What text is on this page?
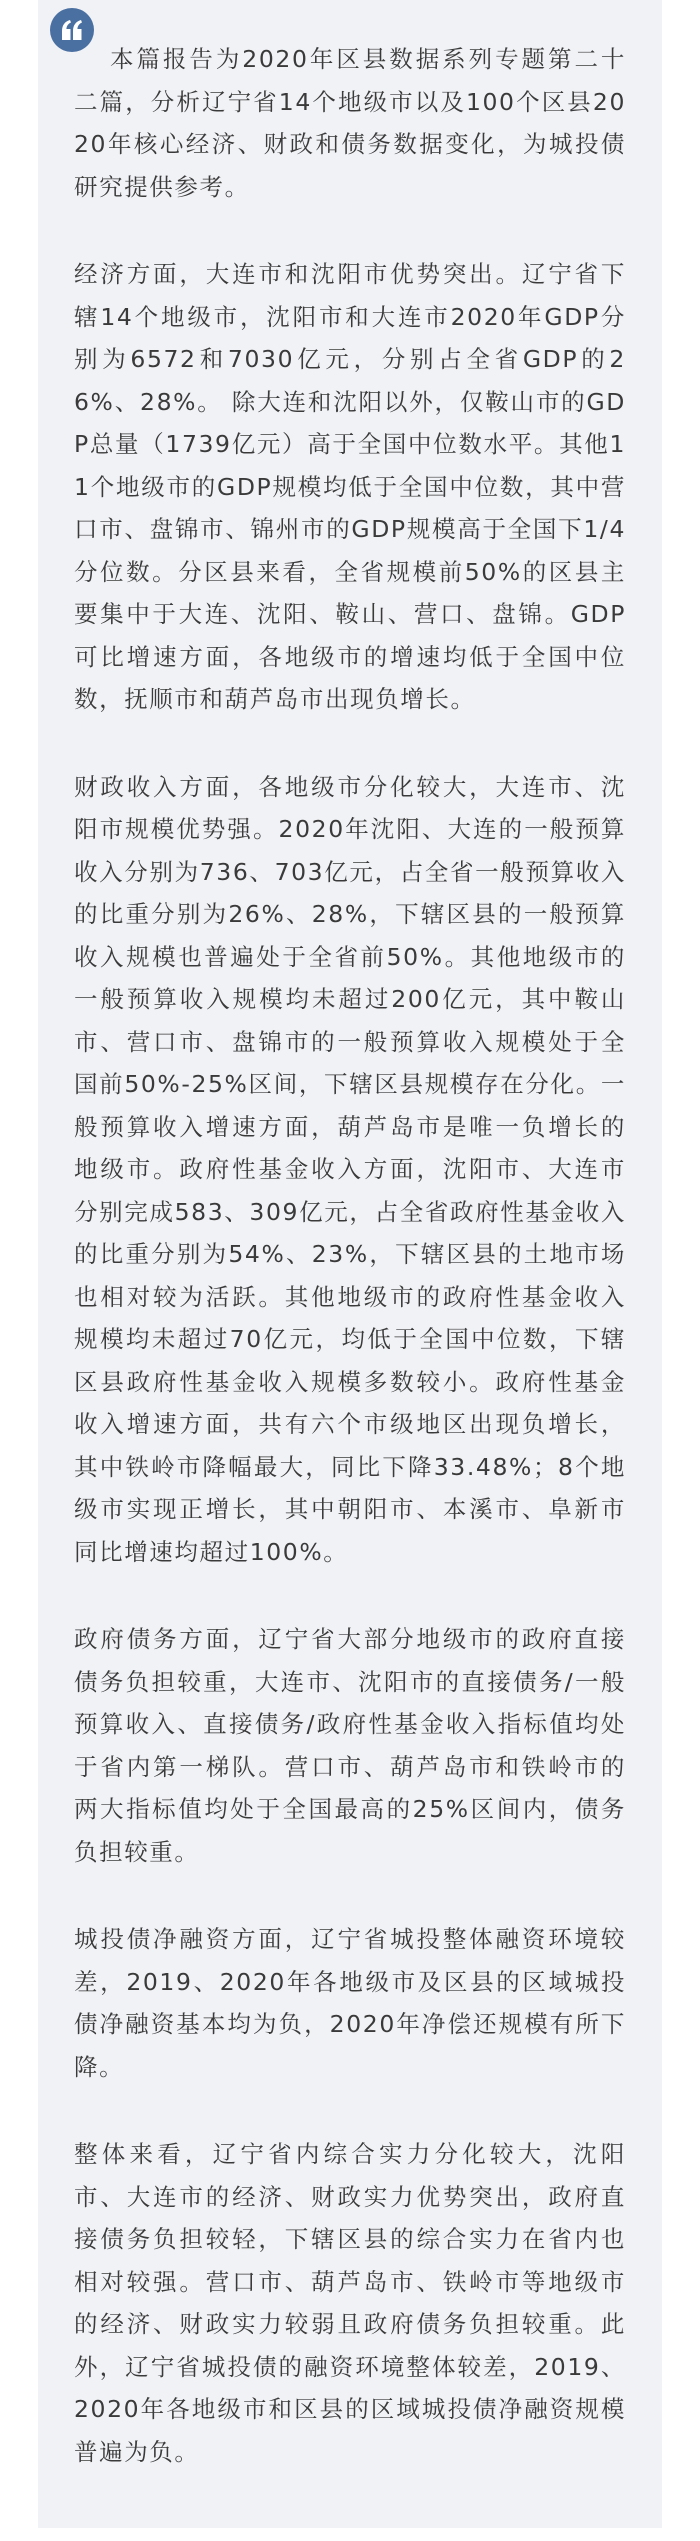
本篇报告为2020年区县数据系列专题第二十二篇，分析辽宁省14个地级市以及100个区县2020年核心经济、财政和债务数据变化，为城投债研究提供参考。

经济方面，大连市和沈阳市优势突出。辽宁省下辖14个地级市，沈阳市和大连市2020年GDP分别为6572和7030亿元，分别占全省GDP的26%、28%。 除大连和沈阳以外，仅鞍山市的GDP总量（1739亿元）高于全国中位数水平。其他11个地级市的GDP规模均低于全国中位数，其中营口市、盘锦市、锦州市的GDP规模高于全国下1/4分位数。分区县来看，全省规模前50%的区县主要集中于大连、沈阳、鞍山、营口、盘锦。GDP可比增速方面，各地级市的增速均低于全国中位数，抚顺市和葫芦岛市出现负增长。

财政收入方面，各地级市分化较大，大连市、沈阳市规模优势强。2020年沈阳、大连的一般预算收入分别为736、703亿元，占全省一般预算收入的比重分别为26%、28%，下辖区县的一般预算收入规模也普遍处于全省前50%。其他地级市的一般预算收入规模均未超过200亿元，其中鞍山市、营口市、盘锦市的一般预算收入规模处于全国前50%-25%区间，下辖区县规模存在分化。一般预算收入增速方面，葫芦岛市是唯一负增长的地级市。政府性基金收入方面，沈阳市、大连市分别完成583、309亿元，占全省政府性基金收入的比重分别为54%、23%，下辖区县的土地市场也相对较为活跃。其他地级市的政府性基金收入规模均未超过70亿元，均低于全国中位数，下辖区县政府性基金收入规模多数较小。政府性基金收入增速方面，共有六个市级地区出现负增长，其中铁岭市降幅最大，同比下降33.48%；8个地级市实现正增长，其中朝阳市、本溪市、阜新市同比增速均超过100%。

政府债务方面，辽宁省大部分地级市的政府直接债务负担较重，大连市、沈阳市的直接债务/一般预算收入、直接债务/政府性基金收入指标值均处于省内第一梯队。营口市、葫芦岛市和铁岭市的两大指标值均处于全国最高的25%区间内，债务负担较重。

城投债净融资方面，辽宁省城投整体融资环境较差，2019、2020年各地级市及区县的区域城投债净融资基本均为负，2020年净偿还规模有所下降。

整体来看，辽宁省内综合实力分化较大，沈阳市、大连市的经济、财政实力优势突出，政府直接债务负担较轻，下辖区县的综合实力在省内也相对较强。营口市、葫芦岛市、铁岭市等地级市的经济、财政实力较弱且政府债务负担较重。此外，辽宁省城投债的融资环境整体较差，2019、2020年各地级市和区县的区域城投债净融资规模普遍为负。
